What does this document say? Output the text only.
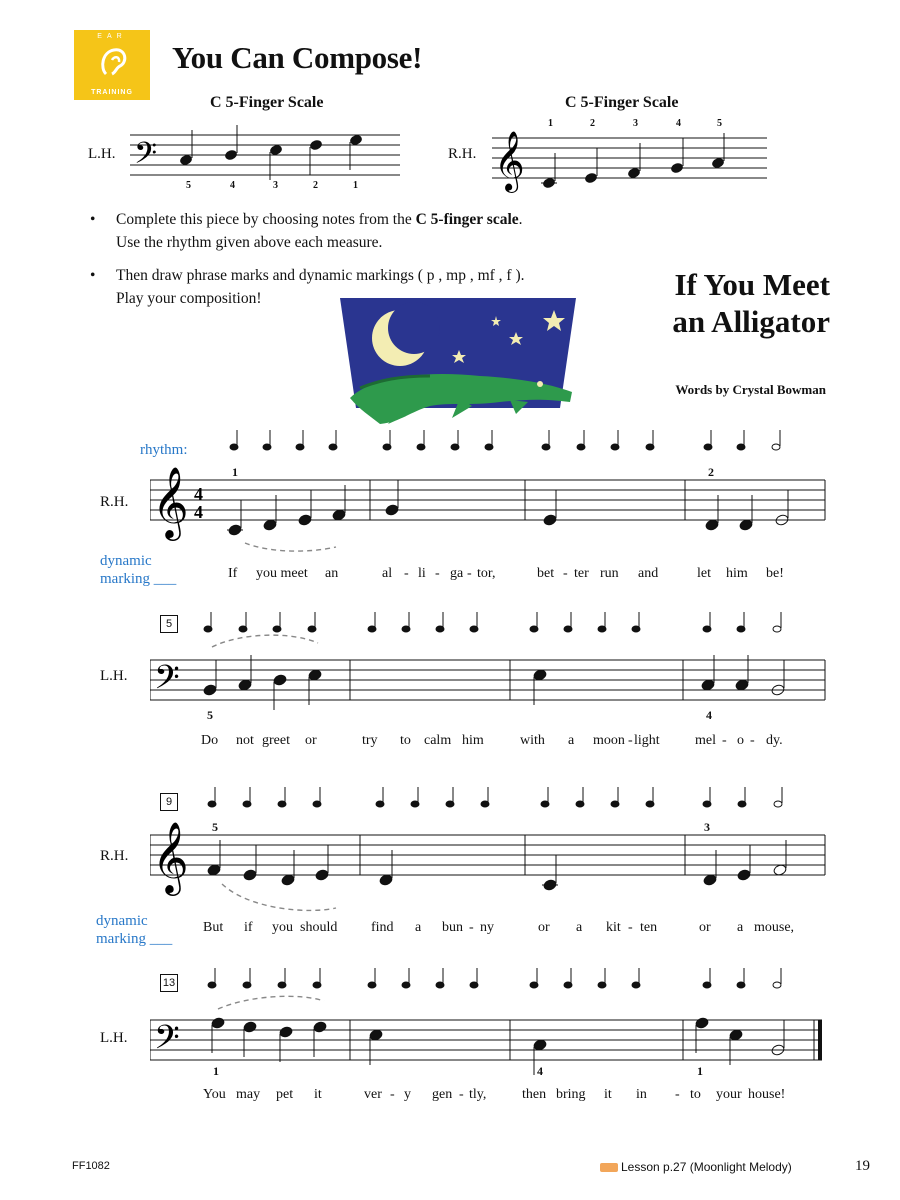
EAR
TRAINING
You Can Compose!
C 5-Finger Scale
L.H. 𝄢
5	4	3	2	1
C 5-Finger Scale
R.H.
1	2	3	4	5
𝄞
• Complete this piece by choosing notes from the C 5-finger scale.
Use the rhythm given above each measure.
• Then draw phrase marks and dynamic markings ( p , mp , mf , f ).
Play your composition!	If You Meet
an Alligator
Words by Crystal Bowman
rhythm:
R.H.
1	2
𝄞 4
4
dynamic
marking ___	If you meet an	al - li - ga - tor,	bet - ter run and	let him be!
5
L.H. 𝄢
5	4
Do not greet or	try to calm him	with a moon - light	mel - o - dy.
9
R.H.
5	3
𝄞
dynamic
marking ___
But if you should find a bun - ny	or a kit - ten	or a mouse,
13
L.H. 𝄢
1	4	1
You may pet it	ver - y gen - tly,	then bring it in - to your house!
FF1082	Lesson p.27 (Moonlight Melody)	19
